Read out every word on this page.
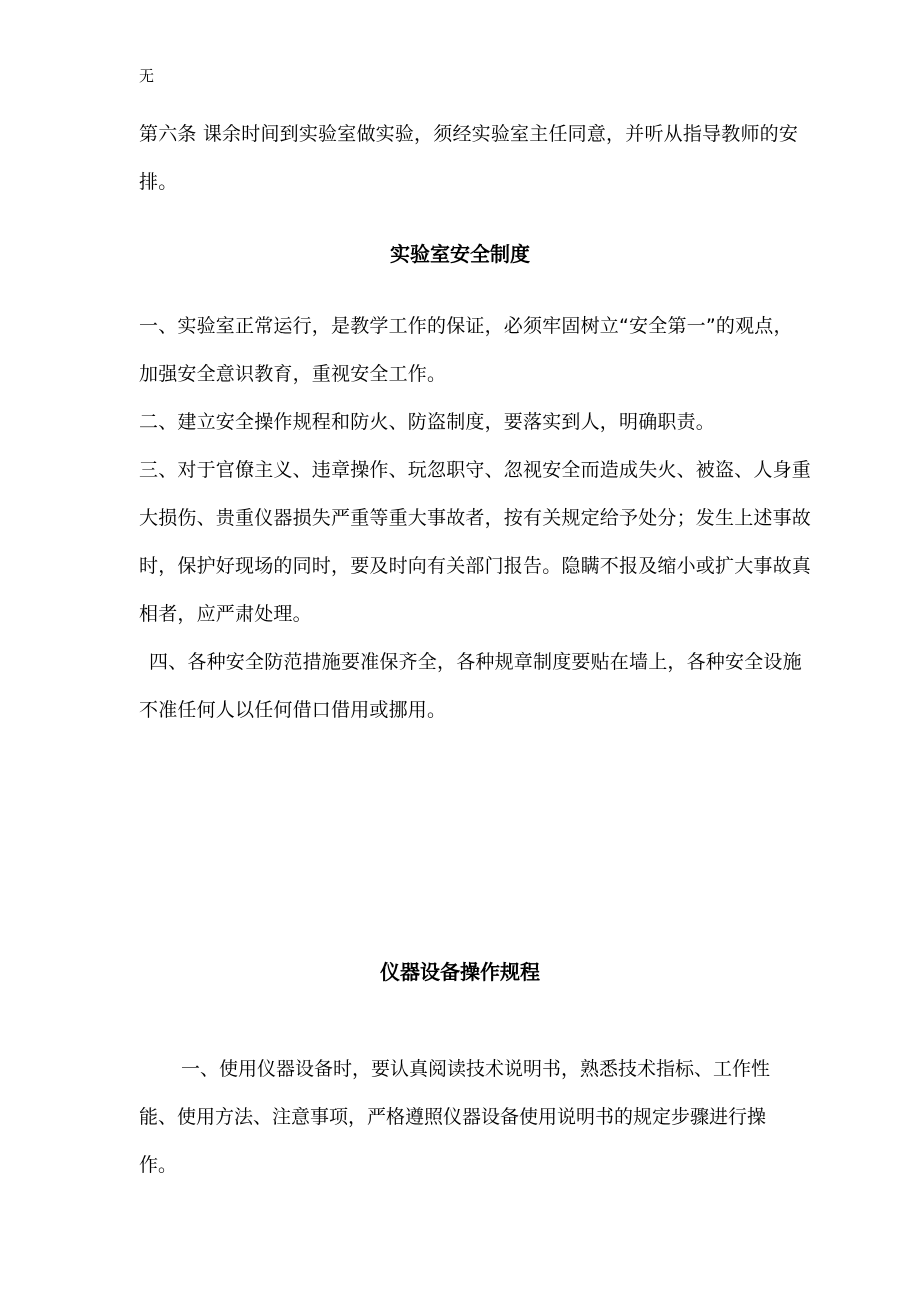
无

第六条 课余时间到实验室做实验，须经实验室主任同意，并听从指导教师的安排。

实验室安全制度

一、实验室正常运行，是教学工作的保证，必须牢固树立“安全第一”的观点，加强安全意识教育，重视安全工作。

二、建立安全操作规程和防火、防盗制度，要落实到人，明确职责。

三、对于官僚主义、违章操作、玩忽职守、忽视安全而造成失火、被盗、人身重大损伤、贵重仪器损失严重等重大事故者，按有关规定给予处分；发生上述事故时，保护好现场的同时，要及时向有关部门报告。隐瞒不报及缩小或扩大事故真相者，应严肃处理。

四、各种安全防范措施要准保齐全，各种规章制度要贴在墙上，各种安全设施不准任何人以任何借口借用或挪用。

仪器设备操作规程

一、使用仪器设备时，要认真阅读技术说明书，熟悉技术指标、工作性能、使用方法、注意事项，严格遵照仪器设备使用说明书的规定步骤进行操作。
